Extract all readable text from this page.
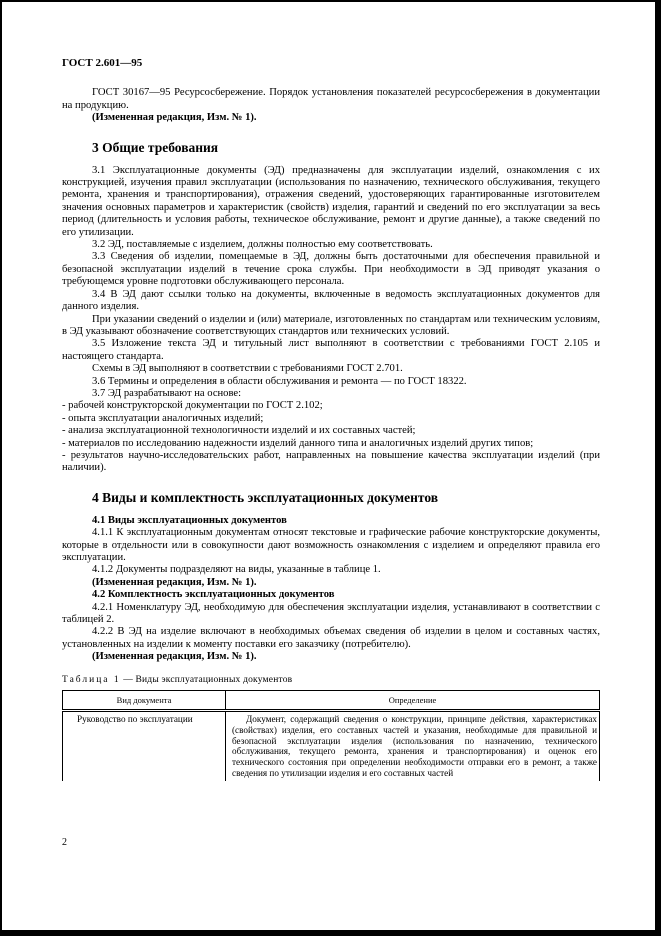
ГОСТ 2.601—95

ГОСТ 30167—95 Ресурсосбережение. Порядок установления показателей ресурсосбережения в документации на продукцию.

(Измененная редакция, Изм. № 1).

3 Общие требования

3.1 Эксплуатационные документы (ЭД) предназначены для эксплуатации изделий, ознакомления с их конструкцией, изучения правил эксплуатации (использования по назначению, технического обслуживания, текущего ремонта, хранения и транспортирования), отражения сведений, удостоверяющих гарантированные изготовителем значения основных параметров и характеристик (свойств) изделия, гарантий и сведений по его эксплуатации за весь период (длительность и условия работы, техническое обслуживание, ремонт и другие данные), а также сведений по его утилизации.

3.2 ЭД, поставляемые с изделием, должны полностью ему соответствовать.

3.3 Сведения об изделии, помещаемые в ЭД, должны быть достаточными для обеспечения правильной и безопасной эксплуатации изделий в течение срока службы. При необходимости в ЭД приводят указания о требующемся уровне подготовки обслуживающего персонала.

3.4 В ЭД дают ссылки только на документы, включенные в ведомость эксплуатационных документов для данного изделия.

При указании сведений о изделии и (или) материале, изготовленных по стандартам или техническим условиям, в ЭД указывают обозначение соответствующих стандартов или технических условий.

3.5 Изложение текста ЭД и титульный лист выполняют в соответствии с требованиями ГОСТ 2.105 и настоящего стандарта.

Схемы в ЭД выполняют в соответствии с требованиями ГОСТ 2.701.

3.6 Термины и определения в области обслуживания и ремонта — по ГОСТ 18322.

3.7 ЭД разрабатывают на основе:

- рабочей конструкторской документации по ГОСТ 2.102;

- опыта эксплуатации аналогичных изделий;

- анализа эксплуатационной технологичности изделий и их составных частей;

- материалов по исследованию надежности изделий данного типа и аналогичных изделий других типов;

- результатов научно-исследовательских работ, направленных на повышение качества эксплуатации изделий (при наличии).

4 Виды и комплектность эксплуатационных документов

4.1 Виды эксплуатационных документов

4.1.1 К эксплуатационным документам относят текстовые и графические рабочие конструкторские документы, которые в отдельности или в совокупности дают возможность ознакомления с изделием и определяют правила его эксплуатации.

4.1.2 Документы подразделяют на виды, указанные в таблице 1.

(Измененная редакция, Изм. № 1).

4.2 Комплектность эксплуатационных документов

4.2.1 Номенклатуру ЭД, необходимую для обеспечения эксплуатации изделия, устанавливают в соответствии с таблицей 2.

4.2.2 В ЭД на изделие включают в необходимых объемах сведения об изделии в целом и составных частях, установленных на изделии к моменту поставки его заказчику (потребителю).

(Измененная редакция, Изм. № 1).

Таблица 1 — Виды эксплуатационных документов
Вид документа	Определение
Руководство по эксплуатации	Документ, содержащий сведения о конструкции, принципе действия, характеристиках (свойствах) изделия, его составных частей и указания, необходимые для правильной и безопасной эксплуатации изделия (использования по назначению, технического обслуживания, текущего ремонта, хранения и транспортирования) и оценок его технического состояния при определении необходимости отправки его в ремонт, а также сведения по утилизации изделия и его составных частей
2
